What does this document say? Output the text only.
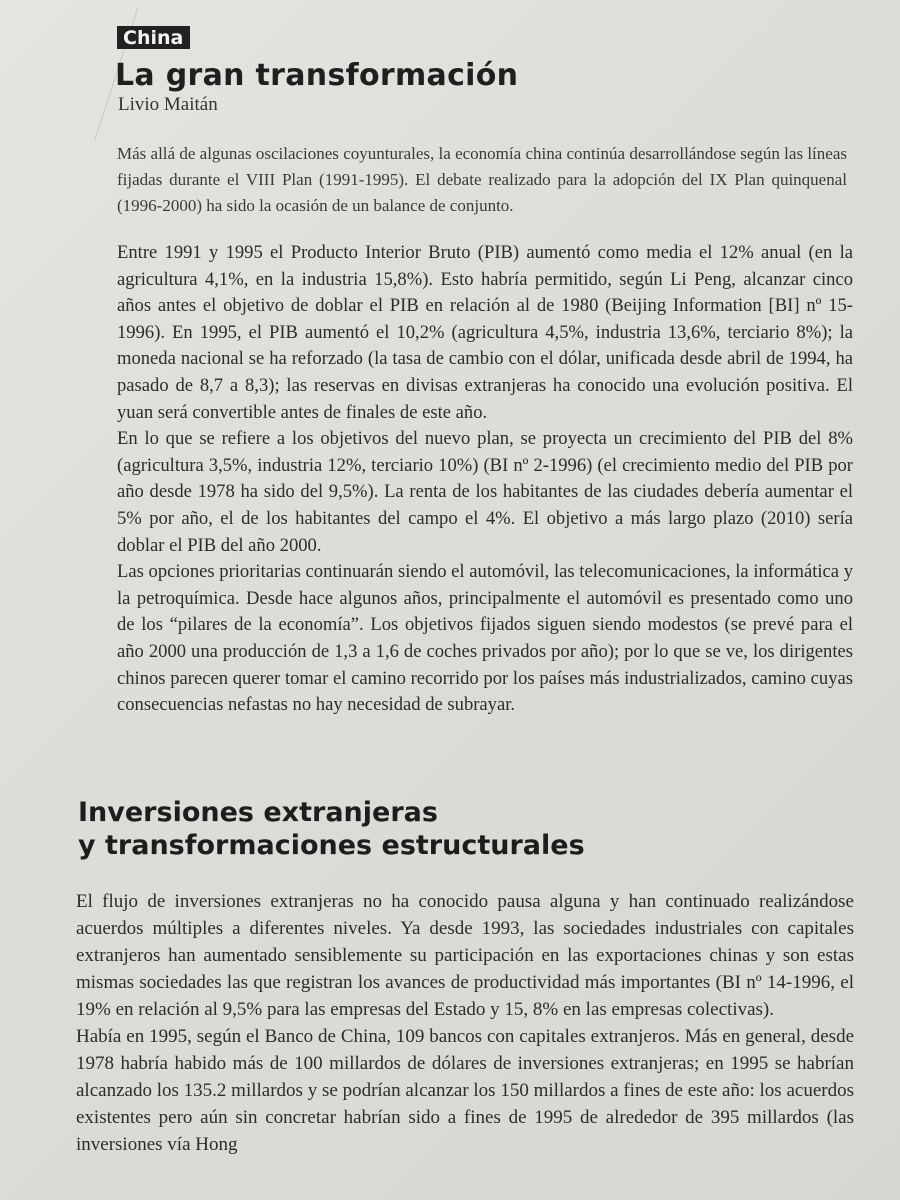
China
La gran transformación
Livio Maitán

Más allá de algunas oscilaciones coyunturales, la economía china continúa desarrollándose según las líneas fijadas durante el VIII Plan (1991-1995). El debate realizado para la adopción del IX Plan quinquenal (1996-2000) ha sido la ocasión de un balance de conjunto.

Entre 1991 y 1995 el Producto Interior Bruto (PIB) aumentó como media el 12% anual (en la agricultura 4,1%, en la industria 15,8%). Esto habría permitido, según Li Peng, alcanzar cinco años antes el objetivo de doblar el PIB en relación al de 1980 (Beijing Information [BI] nº 15-1996). En 1995, el PIB aumentó el 10,2% (agricultura 4,5%, industria 13,6%, terciario 8%); la moneda nacional se ha reforzado (la tasa de cambio con el dólar, unificada desde abril de 1994, ha pasado de 8,7 a 8,3); las reservas en divisas extranjeras ha conocido una evolución positiva. El yuan será convertible antes de finales de este año.

En lo que se refiere a los objetivos del nuevo plan, se proyecta un crecimiento del PIB del 8% (agricultura 3,5%, industria 12%, terciario 10%) (BI nº 2-1996) (el crecimiento medio del PIB por año desde 1978 ha sido del 9,5%). La renta de los habitantes de las ciudades debería aumentar el 5% por año, el de los habitantes del campo el 4%. El objetivo a más largo plazo (2010) sería doblar el PIB del año 2000.

Las opciones prioritarias continuarán siendo el automóvil, las telecomunicaciones, la informática y la petroquímica. Desde hace algunos años, principalmente el automóvil es presentado como uno de los “pilares de la economía”. Los objetivos fijados siguen siendo modestos (se prevé para el año 2000 una producción de 1,3 a 1,6 de coches privados por año); por lo que se ve, los dirigentes chinos parecen querer tomar el camino recorrido por los países más industrializados, camino cuyas consecuencias nefastas no hay necesidad de subrayar.

Inversiones extranjeras
y transformaciones estructurales

El flujo de inversiones extranjeras no ha conocido pausa alguna y han continuado realizándose acuerdos múltiples a diferentes niveles. Ya desde 1993, las sociedades industriales con capitales extranjeros han aumentado sensiblemente su participación en las exportaciones chinas y son estas mismas sociedades las que registran los avances de productividad más importantes (BI nº 14-1996, el 19% en relación al 9,5% para las empresas del Estado y 15, 8% en las empresas colectivas).

Había en 1995, según el Banco de China, 109 bancos con capitales extranjeros. Más en general, desde 1978 habría habido más de 100 millardos de dólares de inversiones extranjeras; en 1995 se habrían alcanzado los 135.2 millardos y se podrían alcanzar los 150 millardos a fines de este año: los acuerdos existentes pero aún sin concretar habrían sido a fines de 1995 de alrededor de 395 millardos (las inversiones vía Hong
